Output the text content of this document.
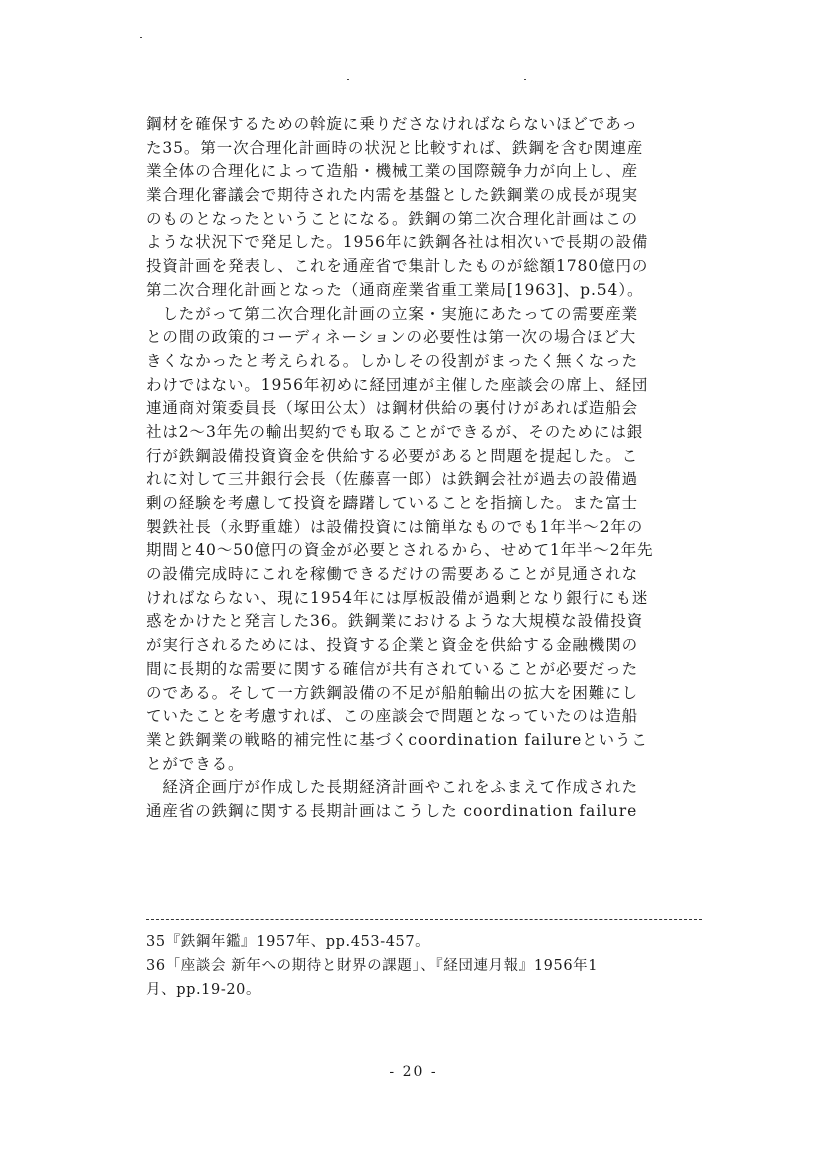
鋼材を確保するための斡旋に乗りださなければならないほどであっ
た35。第一次合理化計画時の状況と比較すれば、鉄鋼を含む関連産
業全体の合理化によって造船・機械工業の国際競争力が向上し、産
業合理化審議会で期待された内需を基盤とした鉄鋼業の成長が現実
のものとなったということになる。鉄鋼の第二次合理化計画はこの
ような状況下で発足した。1956年に鉄鋼各社は相次いで長期の設備
投資計画を発表し、これを通産省で集計したものが総額1780億円の
第二次合理化計画となった（通商産業省重工業局[1963]、p.54）。
　したがって第二次合理化計画の立案・実施にあたっての需要産業
との間の政策的コーディネーションの必要性は第一次の場合ほど大
きくなかったと考えられる。しかしその役割がまったく無くなった
わけではない。1956年初めに経団連が主催した座談会の席上、経団
連通商対策委員長（塚田公太）は鋼材供給の裏付けがあれば造船会
社は2～3年先の輸出契約でも取ることができるが、そのためには銀
行が鉄鋼設備投資資金を供給する必要があると問題を提起した。こ
れに対して三井銀行会長（佐藤喜一郎）は鉄鋼会社が過去の設備過
剰の経験を考慮して投資を躊躇していることを指摘した。また富士
製鉄社長（永野重雄）は設備投資には簡単なものでも1年半～2年の
期間と40～50億円の資金が必要とされるから、せめて1年半～2年先
の設備完成時にこれを稼働できるだけの需要あることが見通されな
ければならない、現に1954年には厚板設備が過剰となり銀行にも迷
惑をかけたと発言した36。鉄鋼業におけるような大規模な設備投資
が実行されるためには、投資する企業と資金を供給する金融機関の
間に長期的な需要に関する確信が共有されていることが必要だった
のである。そして一方鉄鋼設備の不足が船舶輸出の拡大を困難にし
ていたことを考慮すれば、この座談会で問題となっていたのは造船
業と鉄鋼業の戦略的補完性に基づくcoordination failureというこ
とができる。
　経済企画庁が作成した長期経済計画やこれをふまえて作成された
通産省の鉄鋼に関する長期計画はこうした coordination failure
35『鉄鋼年鑑』1957年、pp.453-457。
36「座談会 新年への期待と財界の課題」、『経団連月報』1956年1
月、pp.19-20。
- 20 -
